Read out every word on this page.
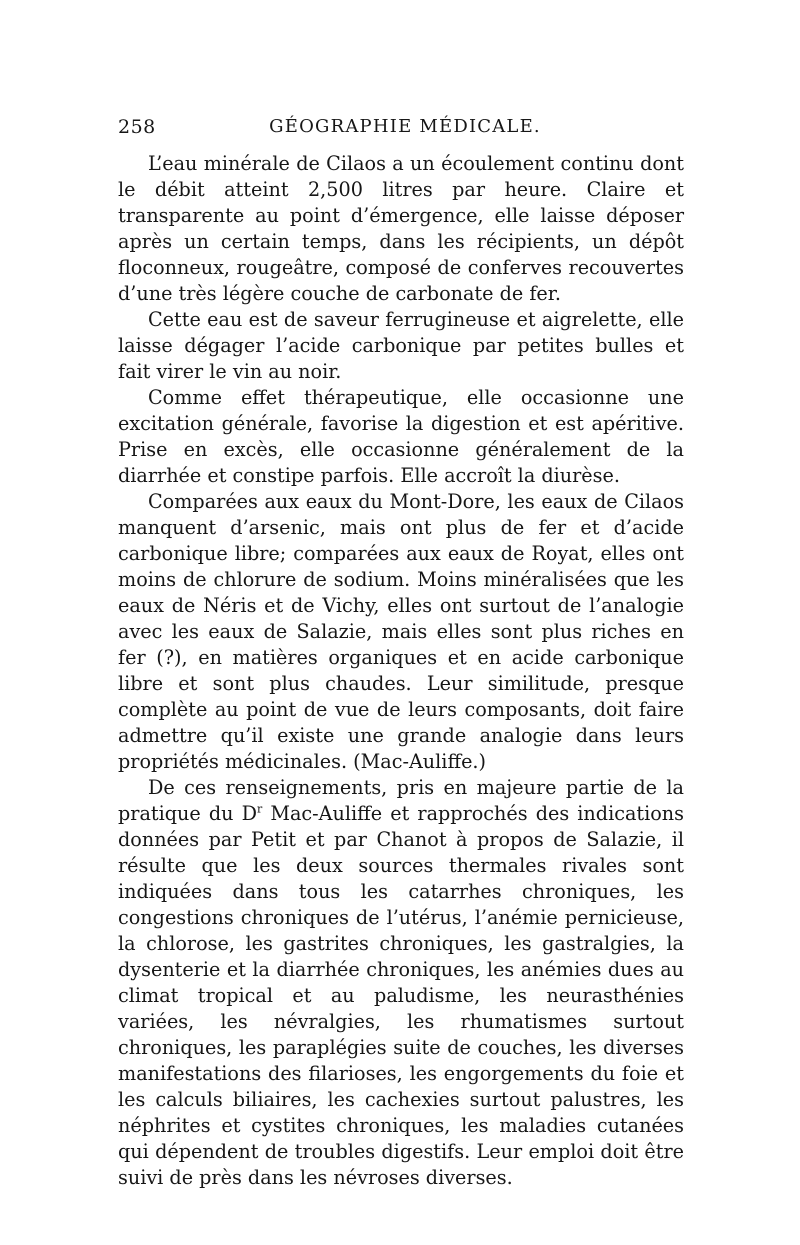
258	GÉOGRAPHIE MÉDICALE.

L’eau minérale de Cilaos a un écoulement continu dont le débit atteint 2,500 litres par heure. Claire et transparente au point d’émergence, elle laisse déposer après un certain temps, dans les récipients, un dépôt floconneux, rougeâtre, composé de conferves recouvertes d’une très légère couche de carbonate de fer.

Cette eau est de saveur ferrugineuse et aigrelette, elle laisse dégager l’acide carbonique par petites bulles et fait virer le vin au noir.

Comme effet thérapeutique, elle occasionne une excitation générale, favorise la digestion et est apéritive. Prise en excès, elle occasionne généralement de la diarrhée et constipe parfois. Elle accroît la diurèse.

Comparées aux eaux du Mont-Dore, les eaux de Cilaos manquent d’arsenic, mais ont plus de fer et d’acide carbonique libre; comparées aux eaux de Royat, elles ont moins de chlorure de sodium. Moins minéralisées que les eaux de Néris et de Vichy, elles ont surtout de l’analogie avec les eaux de Salazie, mais elles sont plus riches en fer (?), en matières organiques et en acide carbonique libre et sont plus chaudes. Leur similitude, presque complète au point de vue de leurs composants, doit faire admettre qu’il existe une grande analogie dans leurs propriétés médicinales. (Mac-Auliffe.)

De ces renseignements, pris en majeure partie de la pratique du $D^r$ Mac-Auliffe et rapprochés des indications données par Petit et par Chanot à propos de Salazie, il résulte que les deux sources thermales rivales sont indiquées dans tous les catarrhes chroniques, les congestions chroniques de l’utérus, l’anémie pernicieuse, la chlorose, les gastrites chroniques, les gastralgies, la dysenterie et la diarrhée chroniques, les anémies dues au climat tropical et au paludisme, les neurasthénies variées, les névralgies, les rhumatismes surtout chroniques, les paraplégies suite de couches, les diverses manifestations des filarioses, les engorgements du foie et les calculs biliaires, les cachexies surtout palustres, les néphrites et cystites chroniques, les maladies cutanées qui dépendent de troubles digestifs. Leur emploi doit être suivi de près dans les névroses diverses.
